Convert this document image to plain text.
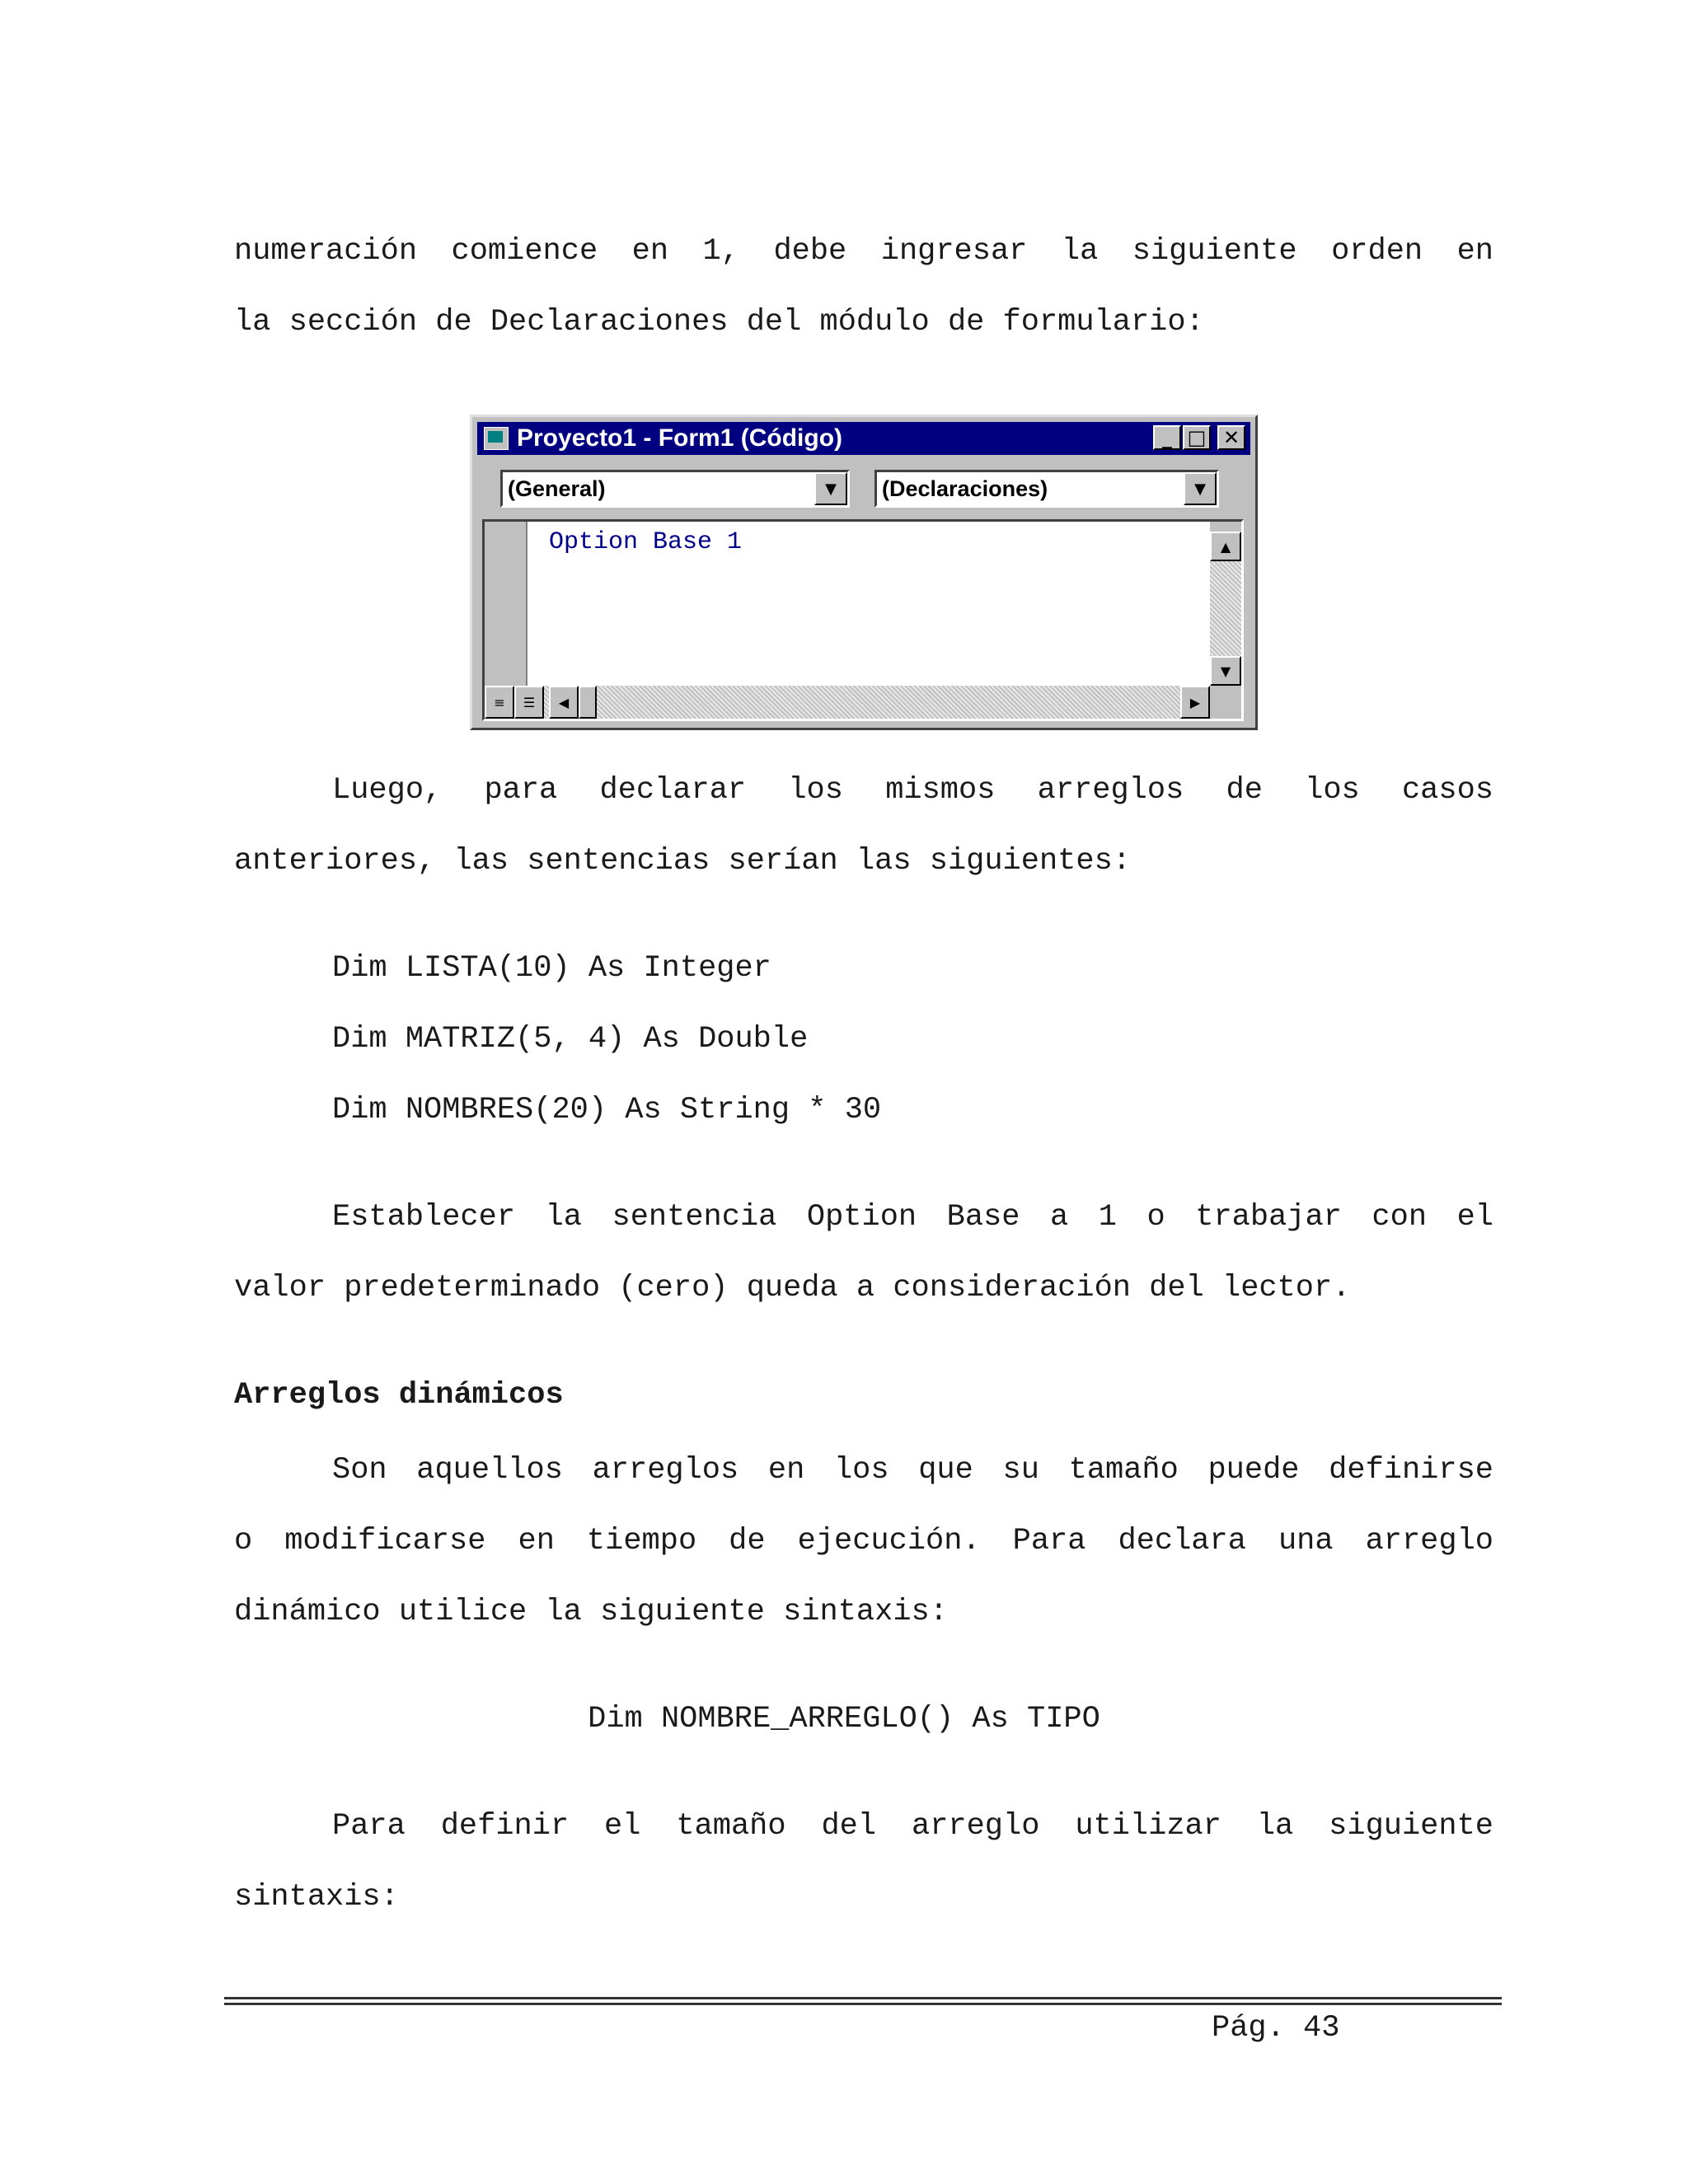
numeración comience en 1, debe ingresar la siguiente orden en
la sección de Declaraciones del módulo de formulario:
Proyecto1 - Form1 (Código)	_ □ ✕
(General)	▼	(Declaraciones)	▼
Option Base 1	▲
▼
≡	☰	◀	▶
Luego, para declarar los mismos arreglos de los casos
anteriores, las sentencias serían las siguientes:
Dim LISTA(10) As Integer
Dim MATRIZ(5, 4) As Double
Dim NOMBRES(20) As String * 30
Establecer la sentencia Option Base a 1 o trabajar con el
valor predeterminado (cero) queda a consideración del lector.
Arreglos dinámicos
Son aquellos arreglos en los que su tamaño puede definirse
o modificarse en tiempo de ejecución. Para declara una arreglo
dinámico utilice la siguiente sintaxis:
Dim NOMBRE_ARREGLO() As TIPO
Para definir el tamaño del arreglo utilizar la siguiente
sintaxis:
Pág. 43
